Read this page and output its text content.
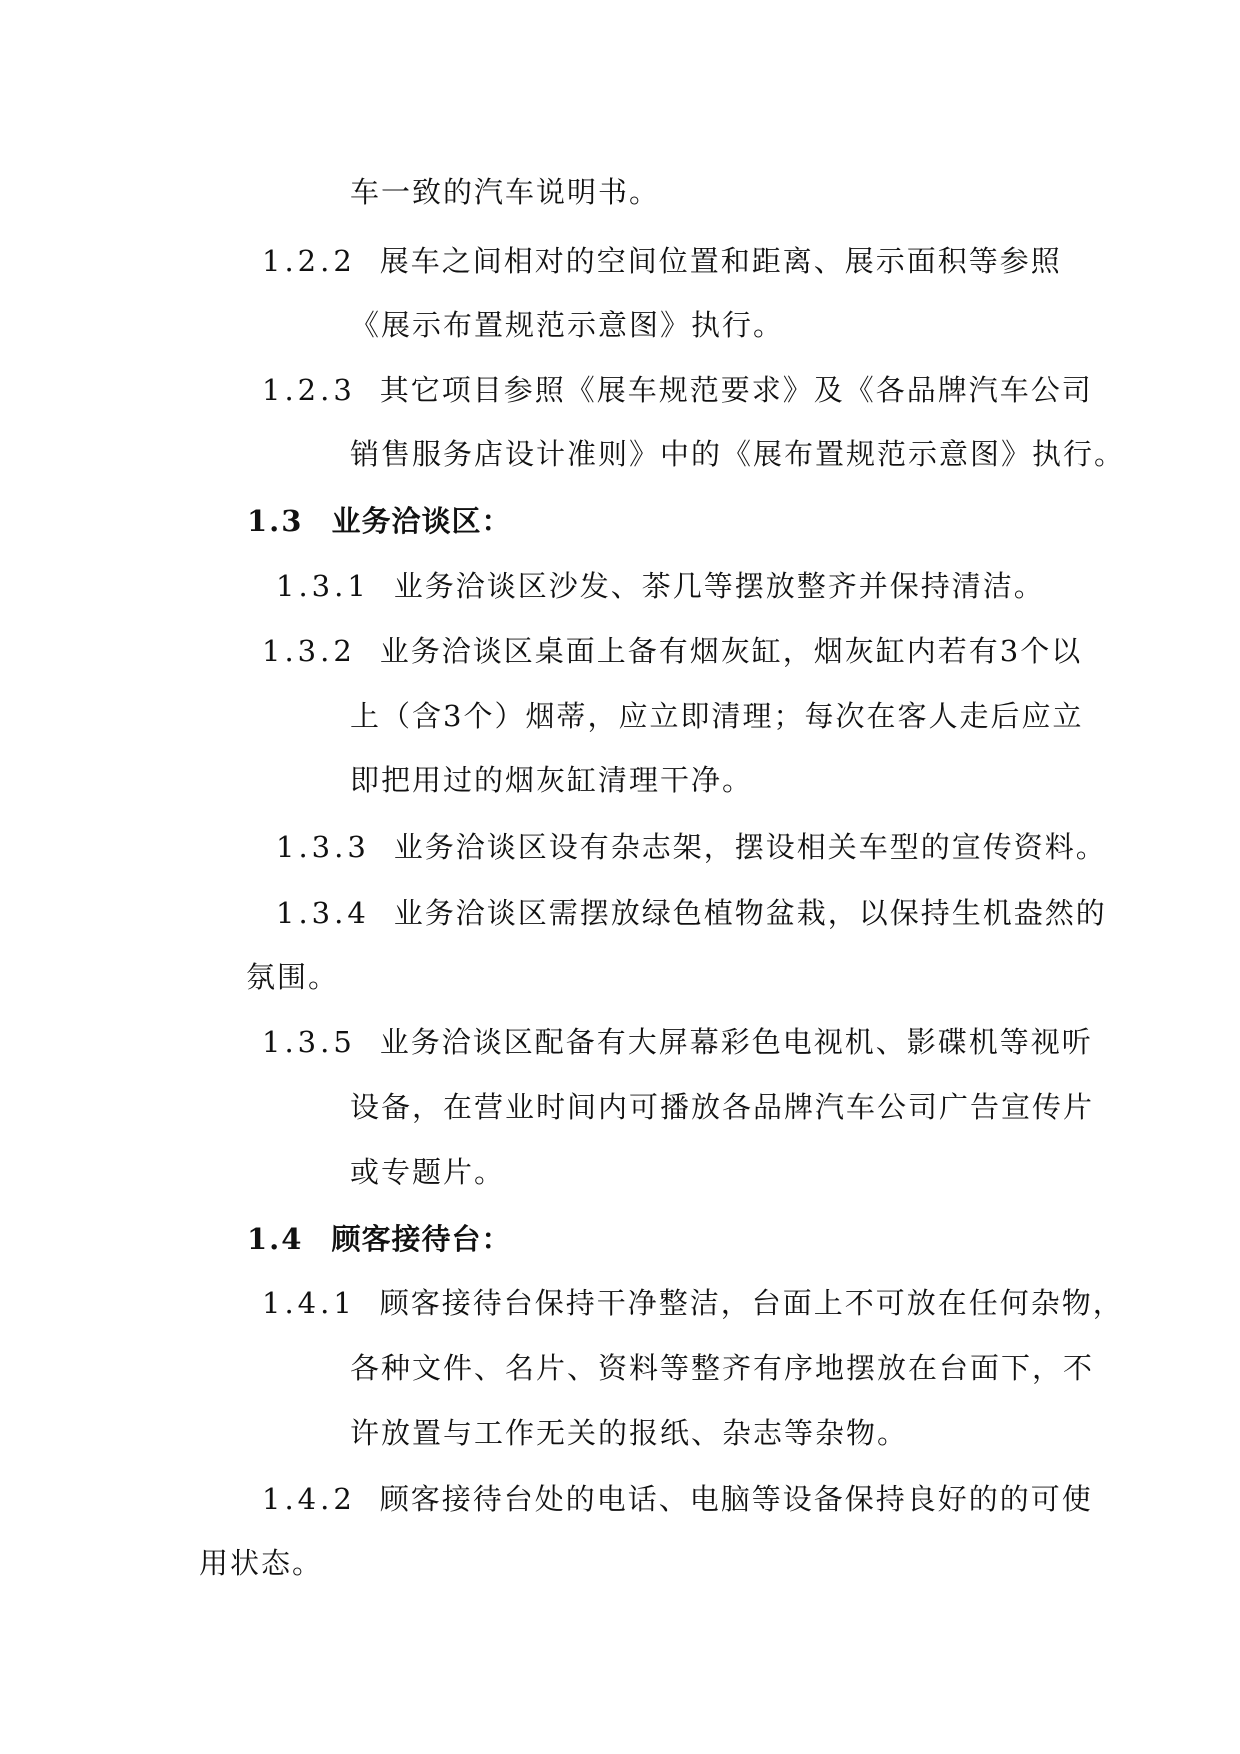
车一致的汽车说明书。
1.2.2 展车之间相对的空间位置和距离、展示面积等参照
《展示布置规范示意图》执行。
1.2.3 其它项目参照《展车规范要求》及《各品牌汽车公司
销售服务店设计准则》中的《展布置规范示意图》执行。
1.3 业务洽谈区：
1.3.1 业务洽谈区沙发、茶几等摆放整齐并保持清洁。
1.3.2 业务洽谈区桌面上备有烟灰缸，烟灰缸内若有3个以
上（含3个）烟蒂，应立即清理；每次在客人走后应立
即把用过的烟灰缸清理干净。
1.3.3 业务洽谈区设有杂志架，摆设相关车型的宣传资料。
1.3.4 业务洽谈区需摆放绿色植物盆栽，以保持生机盎然的
氛围。
1.3.5 业务洽谈区配备有大屏幕彩色电视机、影碟机等视听
设备，在营业时间内可播放各品牌汽车公司广告宣传片
或专题片。
1.4 顾客接待台：
1.4.1 顾客接待台保持干净整洁，台面上不可放在任何杂物，
各种文件、名片、资料等整齐有序地摆放在台面下，不
许放置与工作无关的报纸、杂志等杂物。
1.4.2 顾客接待台处的电话、电脑等设备保持良好的的可使
用状态。
